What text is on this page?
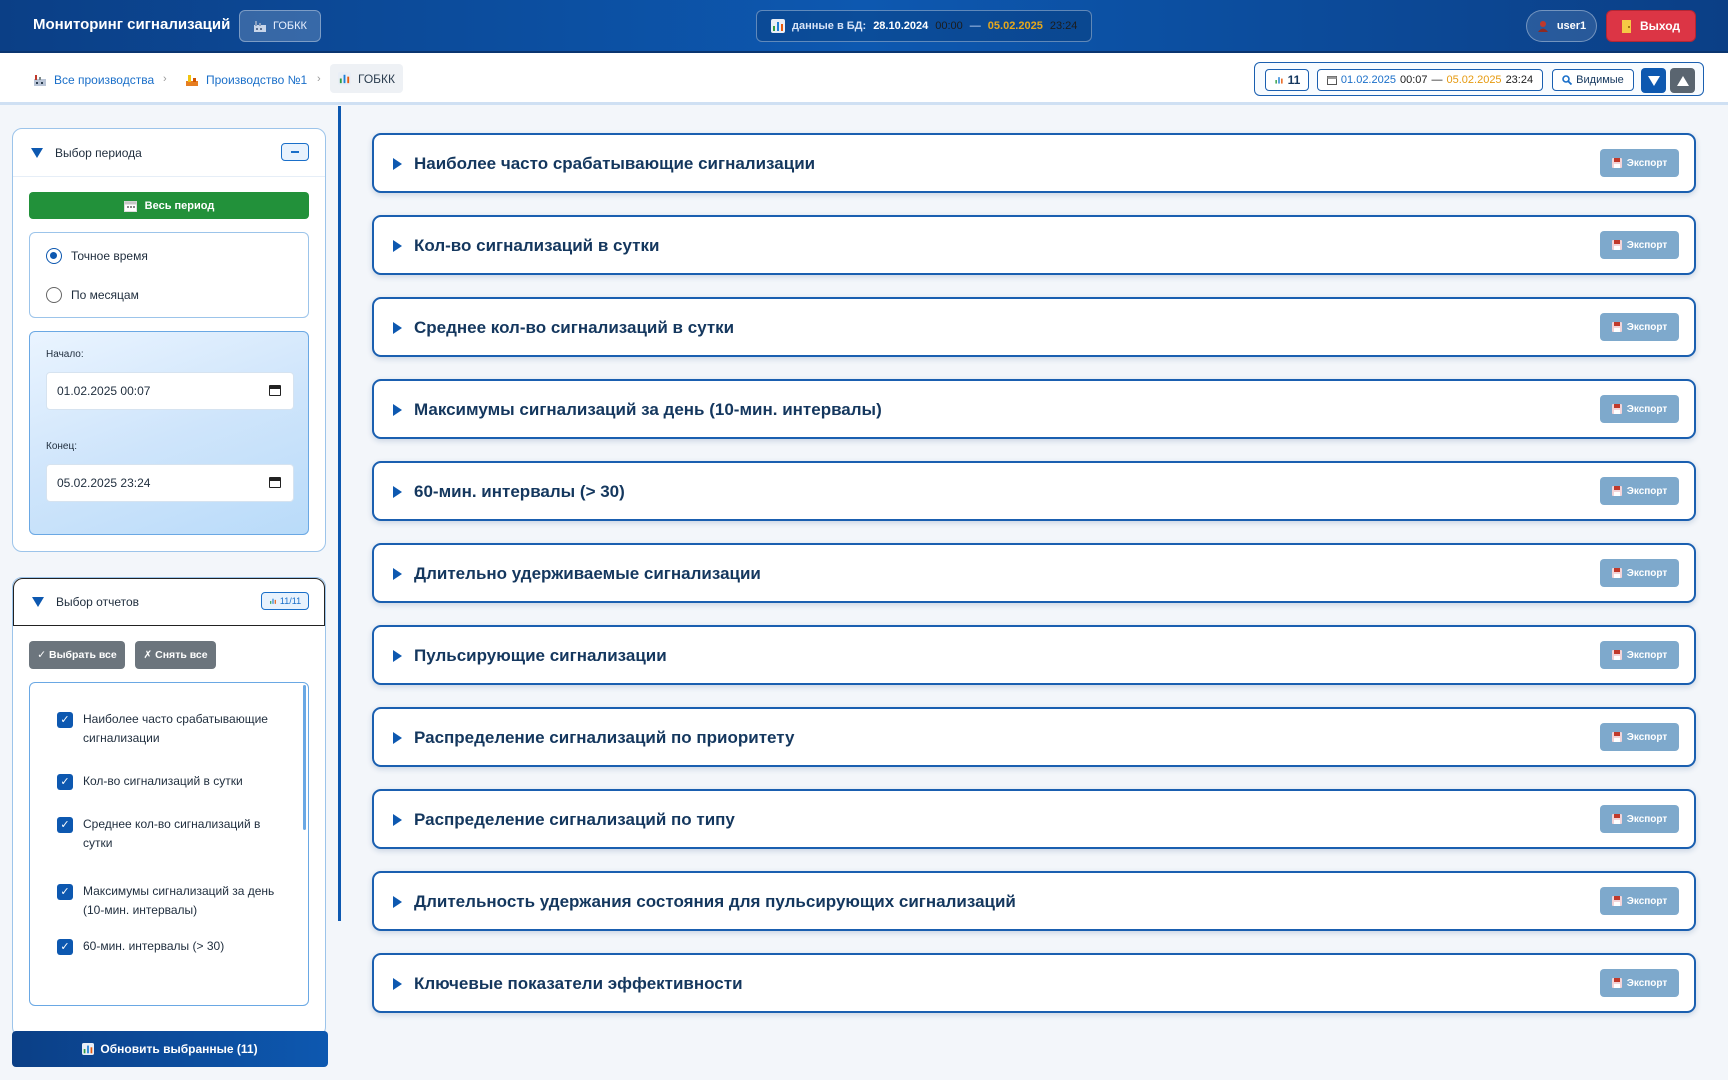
Мониторинг сигнализаций	ГОБКК	данные в БД: 28.10.2024 00:00 — 05.02.2025 23:24	user1	Выход
Все производства ›	Производство №1 ›	ГОБКК	11	01.02.2025 00:07 — 05.02.2025 23:24	Видимые
Выбор периода
Весь период
Точное время
По месяцам
Начало:
01.02.2025 00:07
Конец:
05.02.2025 23:24
Выбор отчетов	11/11
✓ Выбрать все	✗ Снять все
✓ Наиболее часто срабатывающие сигнализации
✓ Кол-во сигнализаций в сутки
✓ Среднее кол-во сигнализаций в сутки
✓ Максимумы сигнализаций за день (10-мин. интервалы)
✓ 60-мин. интервалы (> 30)
Обновить выбранные (11)
Наиболее часто срабатывающие сигнализации	Экспорт
Кол-во сигнализаций в сутки	Экспорт
Среднее кол-во сигнализаций в сутки	Экспорт
Максимумы сигнализаций за день (10-мин. интервалы)	Экспорт
60-мин. интервалы (> 30)	Экспорт
Длительно удерживаемые сигнализации	Экспорт
Пульсирующие сигнализации	Экспорт
Распределение сигнализаций по приоритету	Экспорт
Распределение сигнализаций по типу	Экспорт
Длительность удержания состояния для пульсирующих сигнализаций	Экспорт
Ключевые показатели эффективности	Экспорт
